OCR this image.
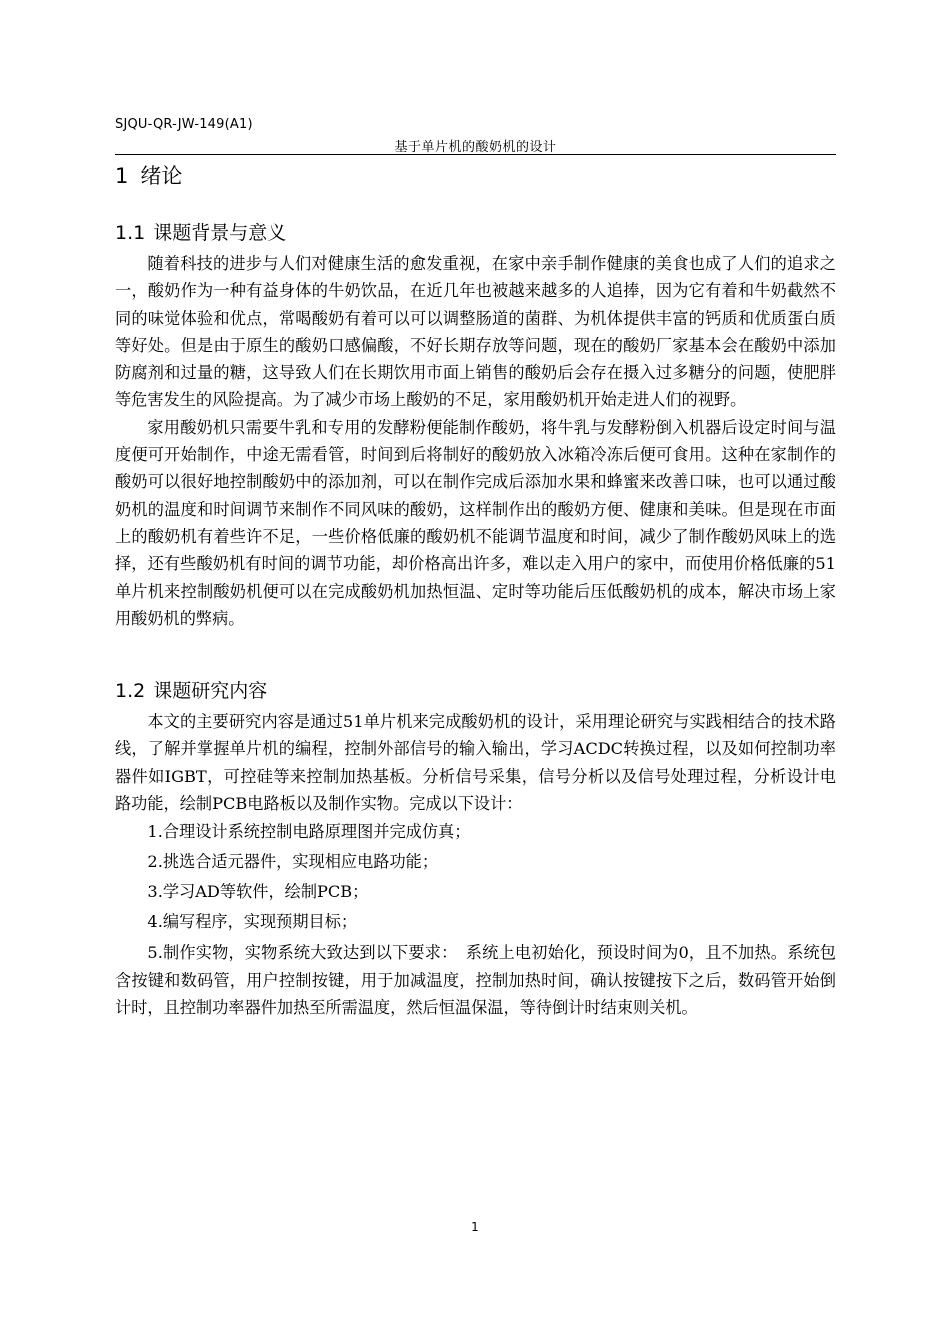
SJQU-QR-JW-149(A1)
基于单片机的酸奶机的设计
1 绪论
1.1 课题背景与意义

随着科技的进步与人们对健康生活的愈发重视，在家中亲手制作健康的美食也成了人们的追求之一，酸奶作为一种有益身体的牛奶饮品，在近几年也被越来越多的人追捧，因为它有着和牛奶截然不同的味觉体验和优点，常喝酸奶有着可以可以调整肠道的菌群、为机体提供丰富的钙质和优质蛋白质等好处。但是由于原生的酸奶口感偏酸，不好长期存放等问题，现在的酸奶厂家基本会在酸奶中添加防腐剂和过量的糖，这导致人们在长期饮用市面上销售的酸奶后会存在摄入过多糖分的问题，使肥胖等危害发生的风险提高。为了减少市场上酸奶的不足，家用酸奶机开始走进人们的视野。

家用酸奶机只需要牛乳和专用的发酵粉便能制作酸奶，将牛乳与发酵粉倒入机器后设定时间与温度便可开始制作，中途无需看管，时间到后将制好的酸奶放入冰箱冷冻后便可食用。这种在家制作的酸奶可以很好地控制酸奶中的添加剂，可以在制作完成后添加水果和蜂蜜来改善口味，也可以通过酸奶机的温度和时间调节来制作不同风味的酸奶，这样制作出的酸奶方便、健康和美味。但是现在市面上的酸奶机有着些许不足，一些价格低廉的酸奶机不能调节温度和时间，减少了制作酸奶风味上的选择，还有些酸奶机有时间的调节功能，却价格高出许多，难以走入用户的家中，而使用价格低廉的51单片机来控制酸奶机便可以在完成酸奶机加热恒温、定时等功能后压低酸奶机的成本，解决市场上家用酸奶机的弊病。

1.2 课题研究内容

本文的主要研究内容是通过51单片机来完成酸奶机的设计，采用理论研究与实践相结合的技术路线，了解并掌握单片机的编程，控制外部信号的输入输出，学习ACDC转换过程，以及如何控制功率器件如IGBT，可控硅等来控制加热基板。分析信号采集，信号分析以及信号处理过程，分析设计电路功能，绘制PCB电路板以及制作实物。完成以下设计：

1.合理设计系统控制电路原理图并完成仿真；

2.挑选合适元器件，实现相应电路功能；

3.学习AD等软件，绘制PCB；

4.编写程序，实现预期目标；

5.制作实物，实物系统大致达到以下要求：　系统上电初始化，预设时间为0，且不加热。系统包含按键和数码管，用户控制按键，用于加减温度，控制加热时间，确认按键按下之后，数码管开始倒计时，且控制功率器件加热至所需温度，然后恒温保温，等待倒计时结束则关机。

1
